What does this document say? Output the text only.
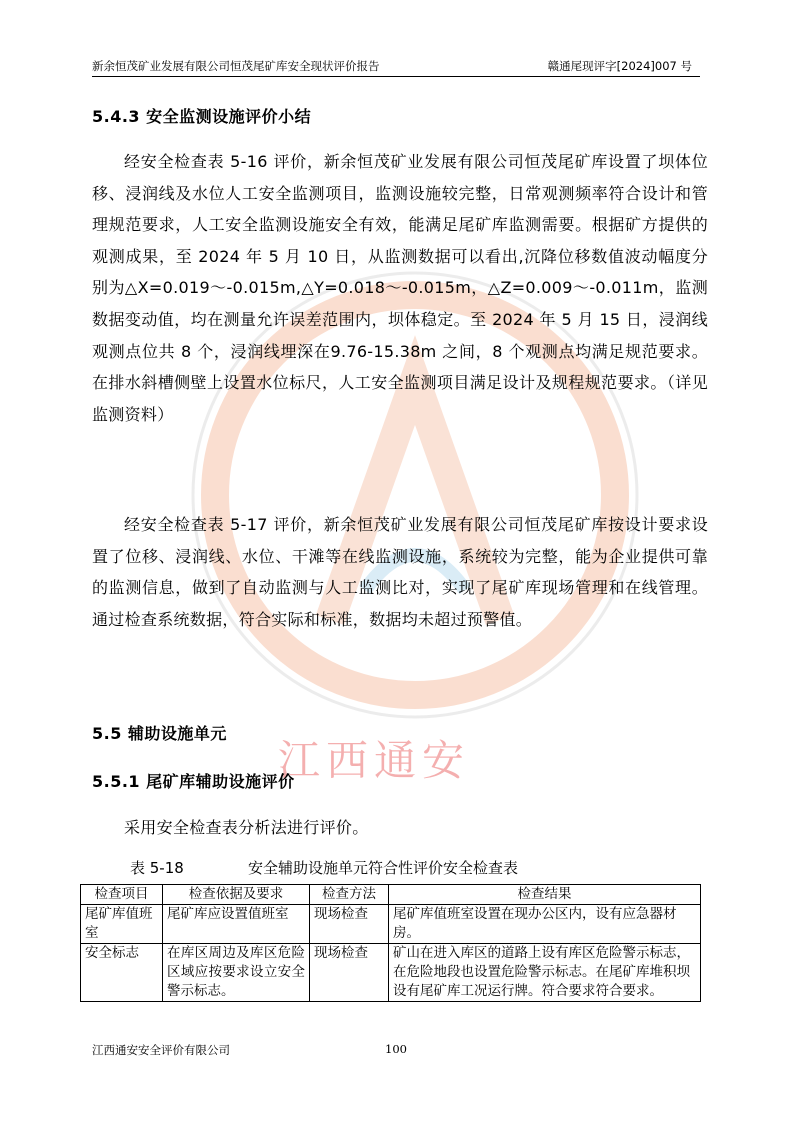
江西通安
新余恒茂矿业发展有限公司恒茂尾矿库安全现状评价报告	赣通尾现评字[2024]007 号
5.4.3 安全监测设施评价小结

经安全检查表 5-16 评价，新余恒茂矿业发展有限公司恒茂尾矿库设置了坝体位移、浸润线及水位人工安全监测项目，监测设施较完整，日常观测频率符合设计和管理规范要求，人工安全监测设施安全有效，能满足尾矿库监测需要。根据矿方提供的观测成果，至 2024 年 5 月 10 日，从监测数据可以看出,沉降位移数值波动幅度分别为△X=0.019～-0.015m,△Y=0.018～-0.015m，△Z=0.009～-0.011m，监测数据变动值，均在测量允许误差范围内，坝体稳定。至 2024 年 5 月 15 日，浸润线观测点位共 8 个，浸润线埋深在9.76-15.38m 之间，8 个观测点均满足规范要求。在排水斜槽侧壁上设置水位标尺，人工安全监测项目满足设计及规程规范要求。（详见监测资料）

经安全检查表 5-17 评价，新余恒茂矿业发展有限公司恒茂尾矿库按设计要求设置了位移、浸润线、水位、干滩等在线监测设施，系统较为完整，能为企业提供可靠的监测信息，做到了自动监测与人工监测比对，实现了尾矿库现场管理和在线管理。通过检查系统数据，符合实际和标准，数据均未超过预警值。

5.5 辅助设施单元
5.5.1 尾矿库辅助设施评价

采用安全检查表分析法进行评价。

表 5-18	安全辅助设施单元符合性评价安全检查表
检查项目	检查依据及要求	检查方法	检查结果
尾矿库值班室	尾矿库应设置值班室	现场检查	尾矿库值班室设置在现办公区内，设有应急器材房。
安全标志	在库区周边及库区危险区域应按要求设立安全警示标志。	现场检查	矿山在进入库区的道路上设有库区危险警示标志，在危险地段也设置危险警示标志。在尾矿库堆积坝设有尾矿库工况运行牌。符合要求符合要求。
江西通安安全评价有限公司	100
